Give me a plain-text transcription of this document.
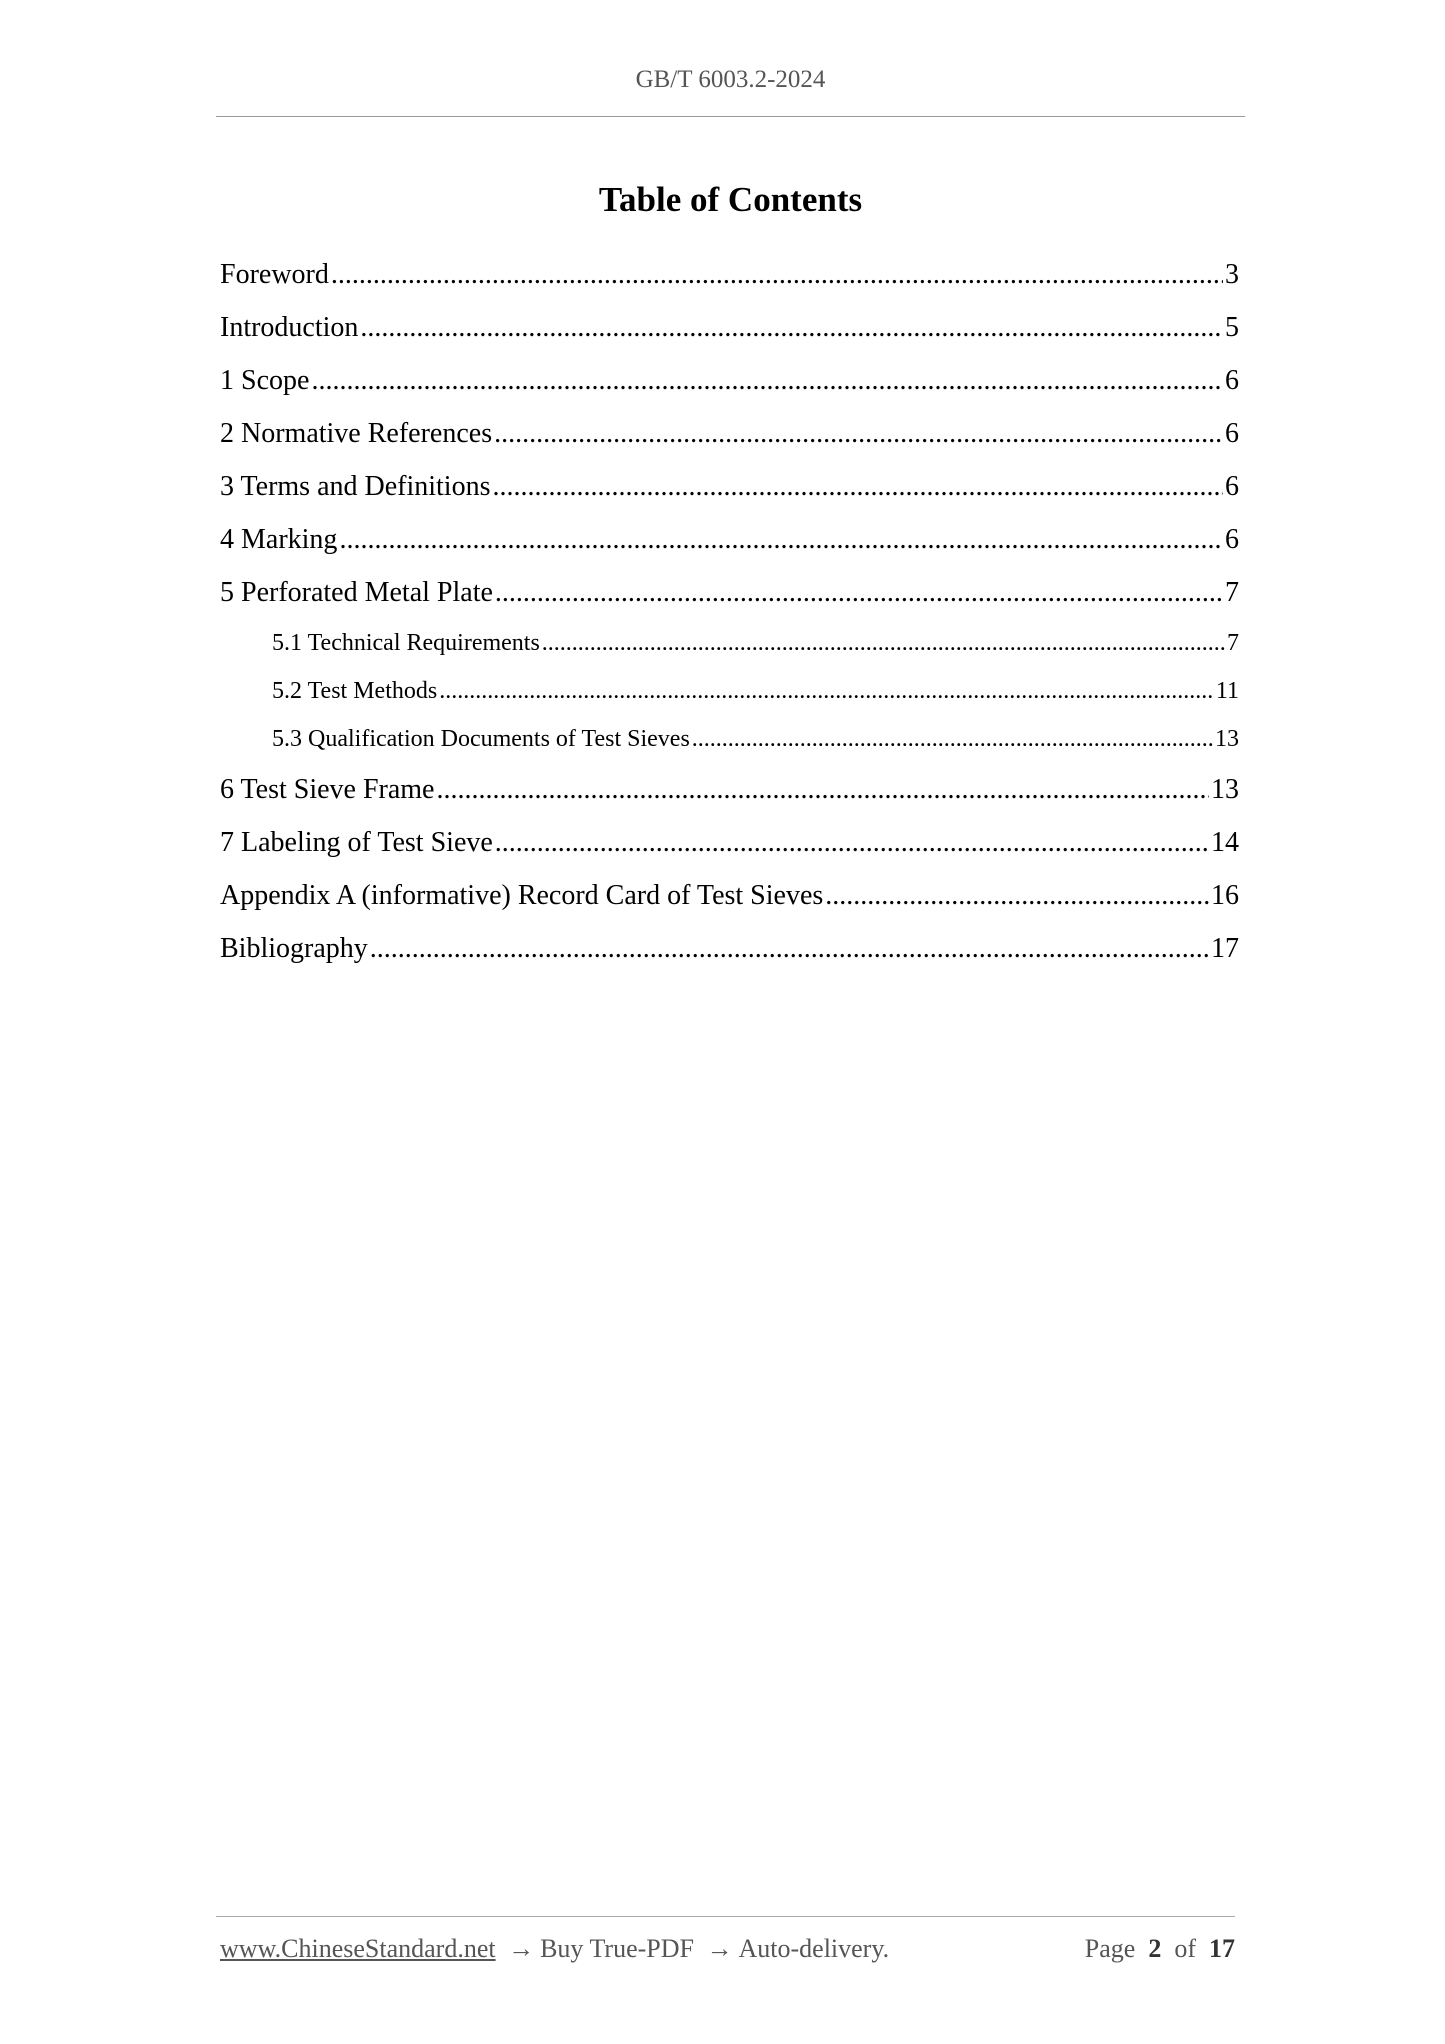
GB/T 6003.2-2024
Table of Contents
Foreword .....	3
Introduction .....	5
1 Scope .....	6
2 Normative References .....	6
3 Terms and Definitions .....	6
4 Marking .....	6
5 Perforated Metal Plate .....	7
5.1 Technical Requirements .....	7
5.2 Test Methods .....	11
5.3 Qualification Documents of Test Sieves .....	13
6 Test Sieve Frame .....	13
7 Labeling of Test Sieve .....	14
Appendix A (informative) Record Card of Test Sieves .....	16
Bibliography .....	17
www.ChineseStandard.net → Buy True-PDF → Auto-delivery.	Page 2 of 17
